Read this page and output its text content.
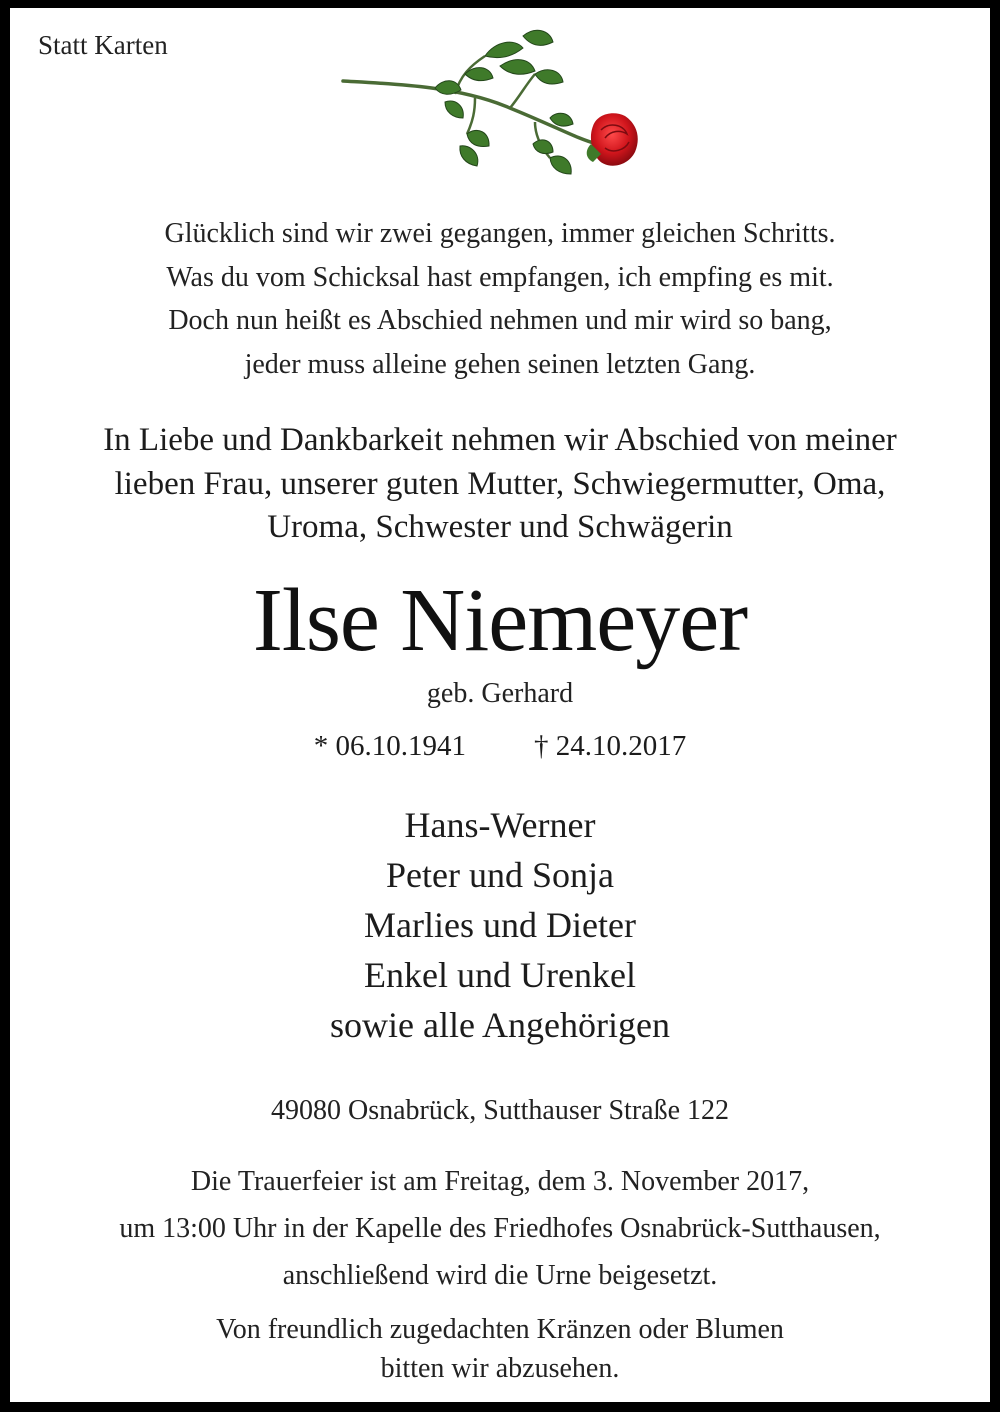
Statt Karten
Glücklich sind wir zwei gegangen, immer gleichen Schritts.
Was du vom Schicksal hast empfangen, ich empfing es mit.
Doch nun heißt es Abschied nehmen und mir wird so bang,
jeder muss alleine gehen seinen letzten Gang.
In Liebe und Dankbarkeit nehmen wir Abschied von meiner
lieben Frau, unserer guten Mutter, Schwiegermutter, Oma,
Uroma, Schwester und Schwägerin
Ilse Niemeyer
geb. Gerhard
* 06.10.1941 † 24.10.2017
Hans-Werner
Peter und Sonja
Marlies und Dieter
Enkel und Urenkel
sowie alle Angehörigen
49080 Osnabrück, Sutthauser Straße 122
Die Trauerfeier ist am Freitag, dem 3. November 2017,
um 13:00 Uhr in der Kapelle des Friedhofes Osnabrück-Sutthausen,
anschließend wird die Urne beigesetzt.
Von freundlich zugedachten Kränzen oder Blumen
bitten wir abzusehen.
